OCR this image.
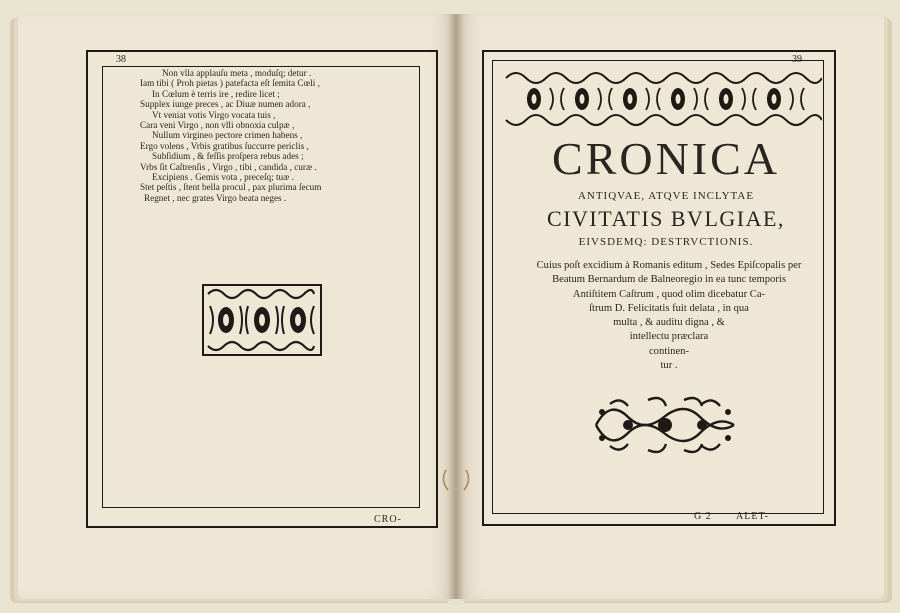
38
Non vlla applauſu meta , moduſq; detur .
Iam tibi ( Proh pietas ) patefacta eſt ſemita Cœli ,
In Cœlum è terris ire , redire licet ;
Supplex iunge preces , ac Diuæ numen adora ,
Vt veniat votis Virgo vocata tuis ,
Cara veni Virgo , non vlli obnoxia culpæ ,
Nullum virgineo pectore crimen habens ,
Ergo volens , Vrbis gratibus ſuccurre periclis ,
Subſidium , & feſſis proſpera rebus ades ;
Vrbs ſit Caſtrenſis , Virgo , tibi , candida , curæ .
Excipiens . Gemis vota , preceſq; tuæ .
Stet peſtis , ſtent bella procul , pax plurima ſecum
Regnet , nec grates Virgo beata neges .
CRO-
39
CRONICA
ANTIQVAE, ATQVE INCLYTAE
CIVITATIS BVLGIAE,
EIVSDEMQ: DESTRVCTIONIS.
Cuius poſt excidium à Romanis editum , Sedes Epiſcopalis per
Beatum Bernardum de Balneoregio in ea tunc temporis
Antiſtitem Caſtrum , quod olim dicebatur Ca-
ſtrum D. Felicitatis fuit delata , in qua
multa , & auditu digna , &
intellectu præclara
continen-
tur .
G 2 ALET-
